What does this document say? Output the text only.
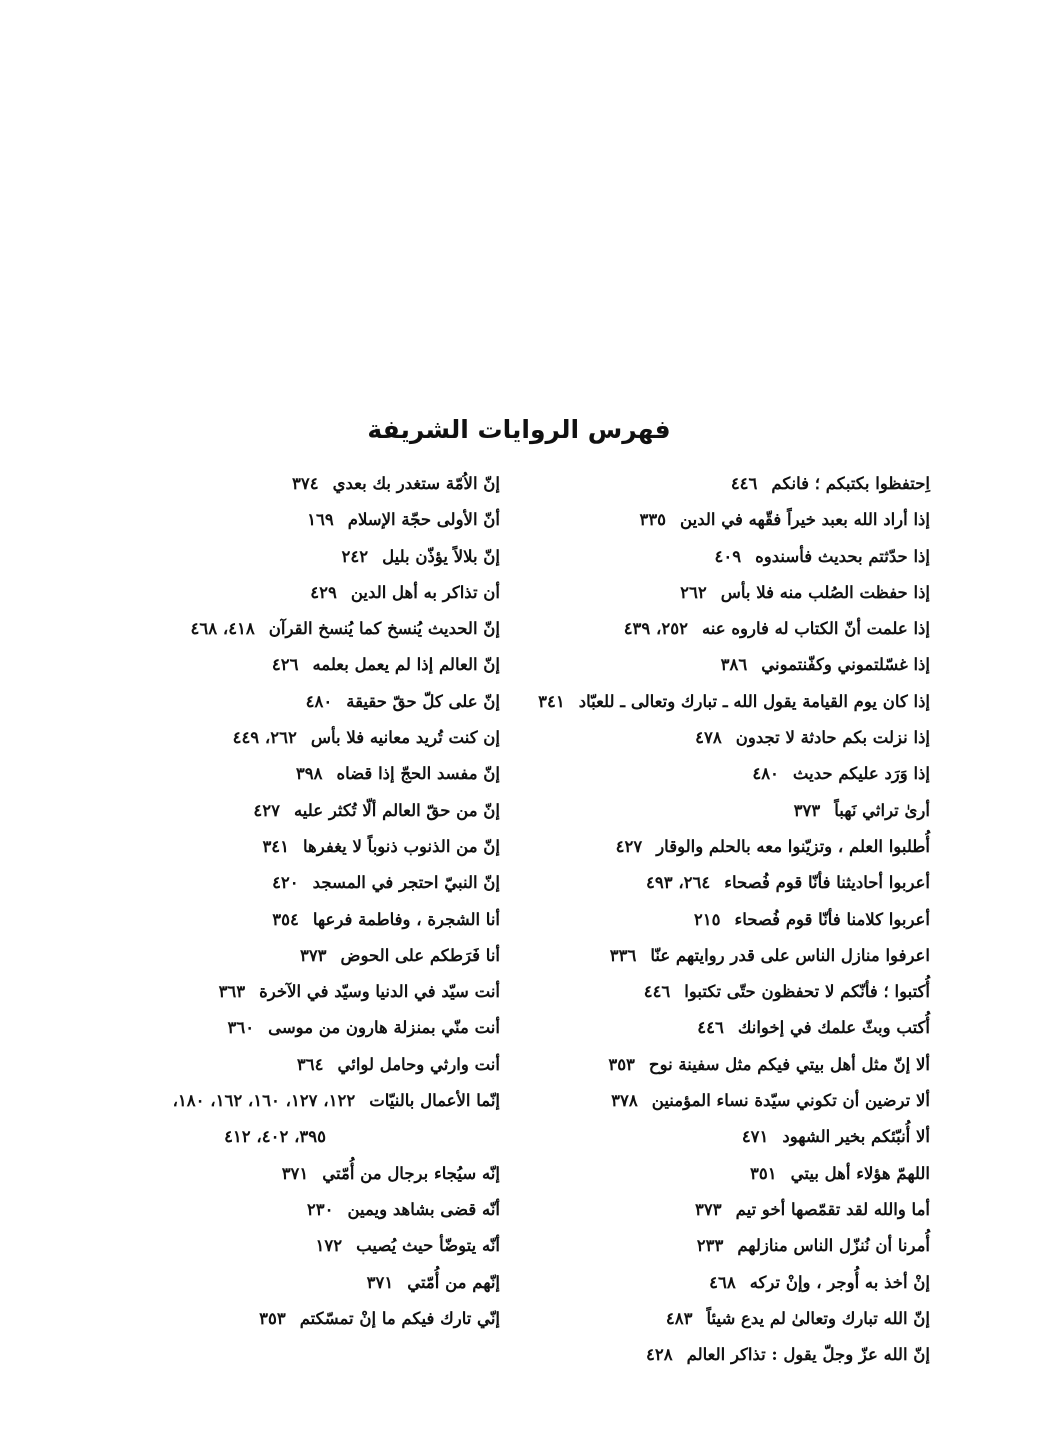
فهرس الروايات الشريفة
اِحتفظوا بكتبكم ؛ فانكم
٤٤٦
إذا أراد الله بعبد خيراً فقّهه في الدين
٣٣٥
إذا حدّثتم بحديث فأسندوه
٤٠٩
إذا حفظت الصُلب منه فلا بأس
٢٦٢
إذا علمت أنّ الكتاب له فاروه عنه
٢٥٢، ٤٣٩
إذا غسّلتموني وكفّنتموني
٣٨٦
إذا كان يوم القيامة يقول الله ـ تبارك وتعالى ـ للعبّاد
٣٤١
إذا نزلت بكم حادثة لا تجدون
٤٧٨
إذا وَرَد عليكم حديث
٤٨٠
أرىٰ تراثي نَهباً
٣٧٣
أُطلبوا العلم ، وتزيّنوا معه بالحلم والوقار
٤٢٧
أعربوا أحاديثنا فأنّا قوم فُصحاء
٢٦٤، ٤٩٣
أعربوا كلامنا فأنّا قوم فُصحاء
٢١٥
اعرفوا منازل الناس على قدر روايتهم عنّا
٣٣٦
أُكتبوا ؛ فأنّكم لا تحفظون حتّى تكتبوا
٤٤٦
أُكتب وبثّ علمك في إخوانك
٤٤٦
ألا إنّ مثل أهل بيتي فيكم مثل سفينة نوح
٣٥٣
ألا ترضين أن تكوني سيّدة نساء المؤمنين
٣٧٨
ألا أُنبّئكم بخير الشهود
٤٧١
اللهمّ هؤلاء أهل بيتي
٣٥١
أما والله لقد تقمّصها أخو تيم
٣٧٣
أُمرنا أن نُنزّل الناس منازلهم
٢٣٣
إنْ أخذ به أُوجر ، وإنْ تركه
٤٦٨
إنّ الله تبارك وتعالىٰ لم يدع شيئاً
٤٨٣
إنّ الله عزّ وجلّ يقول : تذاكر العالم
٤٢٨
إنّ الاُمّة ستغدر بك بعدي
٣٧٤
أنّ الأولى حجّة الإسلام
١٦٩
إنّ بلالاً يؤذّن بليل
٢٤٢
أن تذاكر به أهل الدين
٤٢٩
إنّ الحديث يُنسخ كما يُنسخ القرآن
٤١٨، ٤٦٨
إنّ العالم إذا لم يعمل بعلمه
٤٢٦
إنّ على كلّ حقّ حقيقة
٤٨٠
إن كنت تُريد معانيه فلا بأس
٢٦٢، ٤٤٩
إنّ مفسد الحجّ إذا قضاه
٣٩٨
إنّ من حقّ العالم ألّا تُكثر عليه
٤٢٧
إنّ من الذنوب ذنوباً لا يغفرها
٣٤١
إنّ النبيّ احتجر في المسجد
٤٢٠
أنا الشجرة ، وفاطمة فرعها
٣٥٤
أنا فَرَطكم على الحوض
٣٧٣
أنت سيّد في الدنيا وسيّد في الآخرة
٣٦٣
أنت منّي بمنزلة هارون من موسى
٣٦٠
أنت وارثي وحامل لوائي
٣٦٤
إنّما الأعمال بالنيّات
١٢٢، ١٢٧، ١٦٠، ١٦٢، ١٨٠،
٣٩٥، ٤٠٢، ٤١٢
إنّه سيُجاء برجال من أُمّتي
٣٧١
أنّه قضى بشاهد ويمين
٢٣٠
أنّه يتوضّأ حيث يُصيب
١٧٢
إنّهم من أُمّتي
٣٧١
إنّي تارك فيكم ما إنْ تمسّكتم
٣٥٣
